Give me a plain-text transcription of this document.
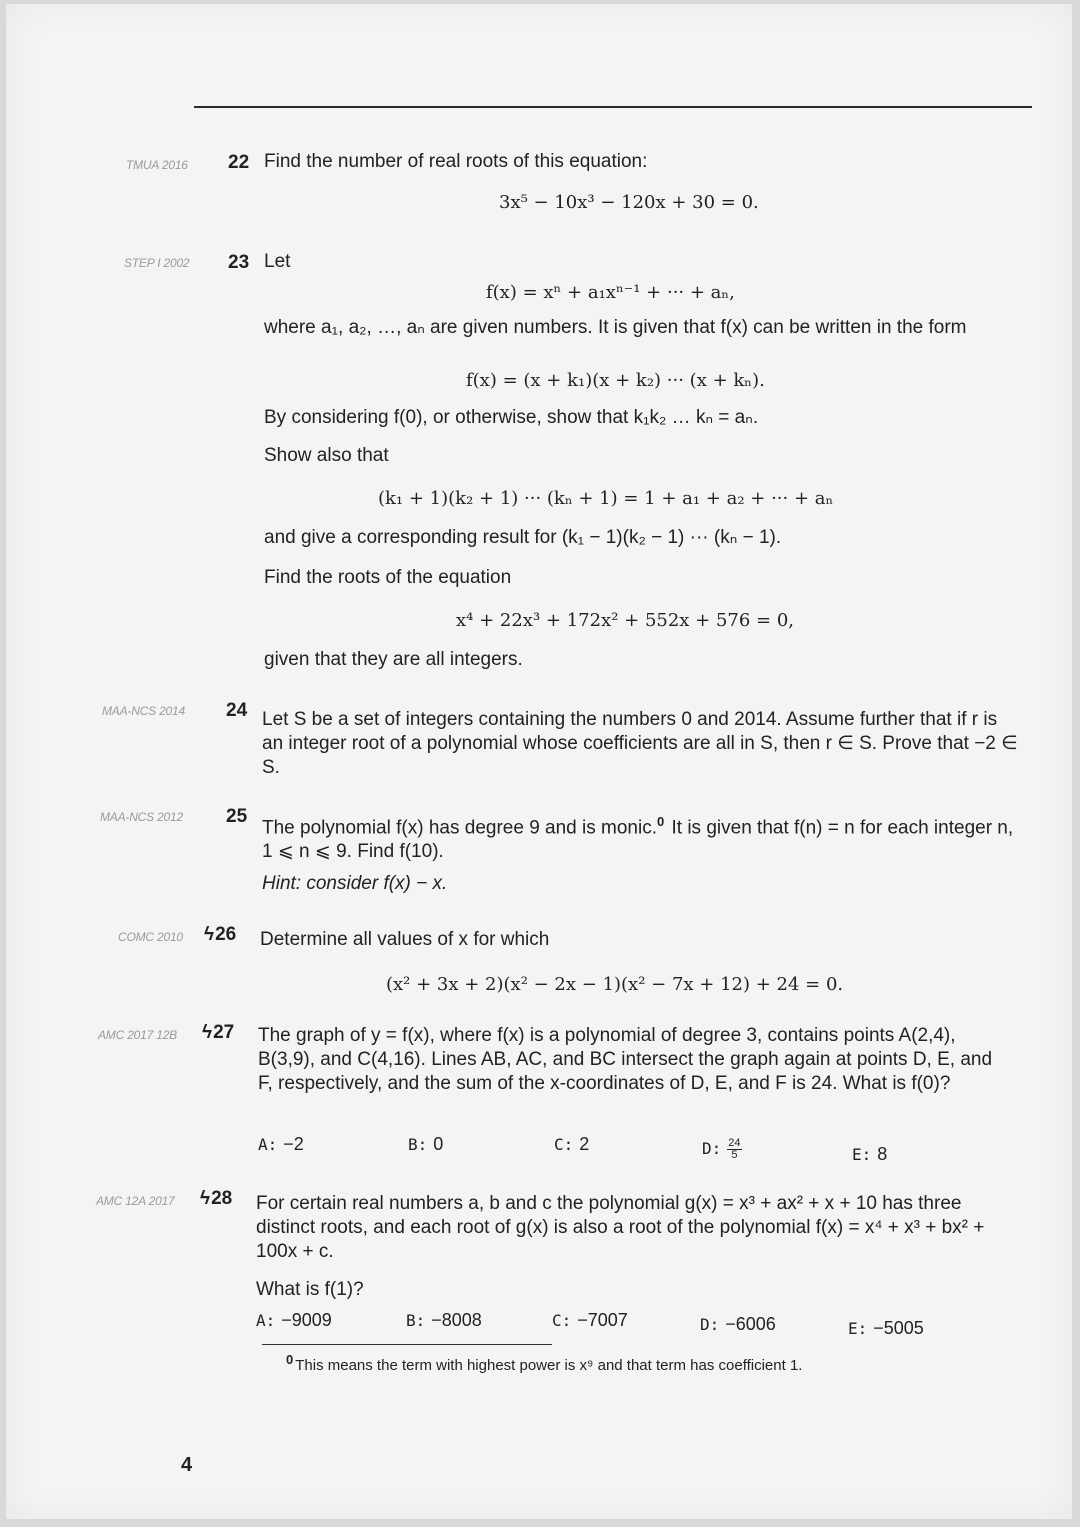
TMUA 2016 22 Find the number of real roots of this equation:
3x⁵ − 10x³ − 120x + 30 = 0.
STEP I 2002 23 Let
f(x) = xⁿ + a₁xⁿ⁻¹ + ··· + aₙ,
where a₁, a₂, …, aₙ are given numbers. It is given that f(x) can be written in the form
f(x) = (x + k₁)(x + k₂) ··· (x + kₙ).
By considering f(0), or otherwise, show that k₁k₂ … kₙ = aₙ.
Show also that
(k₁ + 1)(k₂ + 1) ··· (kₙ + 1) = 1 + a₁ + a₂ + ··· + aₙ
and give a corresponding result for (k₁ − 1)(k₂ − 1) ··· (kₙ − 1).
Find the roots of the equation
x⁴ + 22x³ + 172x² + 552x + 576 = 0,
given that they are all integers.
MAA-NCS 2014 24 Let S be a set of integers containing the numbers 0 and 2014. Assume further that if r is an integer root of a polynomial whose coefficients are all in S, then r ∈ S. Prove that −2 ∈ S.
MAA-NCS 2012 25
The polynomial f(x) has degree 9 and is monic.$^0$ It is given that f(n) = n for each integer n, 1 ⩽ n ⩽ 9. Find f(10).
Hint: consider f(x) − x.
COMC 2010 ϟ26 Determine all values of x for which
(x² + 3x + 2)(x² − 2x − 1)(x² − 7x + 12) + 24 = 0.
AMC 2017 12B ϟ27 The graph of y = f(x), where f(x) is a polynomial of degree 3, contains points A(2,4), B(3,9), and C(4,16). Lines AB, AC, and BC intersect the graph again at points D, E, and F, respectively, and the sum of the x-coordinates of D, E, and F is 24. What is f(0)?
A: −2	B: 0	C: 2	D: $\frac{24}{5}$	E: 8
AMC 12A 2017 ϟ28 For certain real numbers a, b and c the polynomial g(x) = x³ + ax² + x + 10 has three distinct roots, and each root of g(x) is also a root of the polynomial f(x) = x⁴ + x³ + bx² + 100x + c.
What is f(1)?
A: −9009	B: −8008	C: −7007	D: −6006	E: −5005
0 This means the term with highest power is x⁹ and that term has coefficient 1.
4
